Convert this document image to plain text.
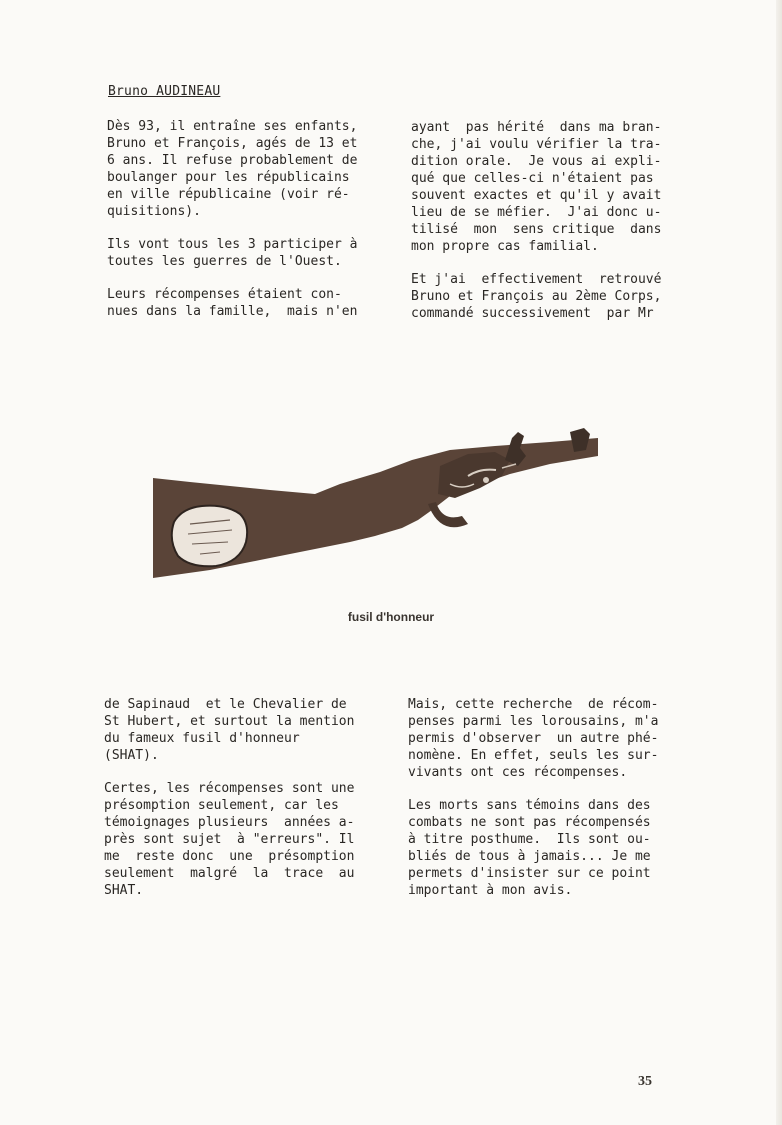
Bruno AUDINEAU

Dès 93, il entraîne ses enfants,
Bruno et François, agés de 13 et
6 ans. Il refuse probablement de
boulanger pour les républicains
en ville républicaine (voir ré-
quisitions).

Ils vont tous les 3 participer à
toutes les guerres de l'Ouest.

Leurs récompenses étaient con-
nues dans la famille,  mais n'en

ayant  pas hérité  dans ma bran-
che, j'ai voulu vérifier la tra-
dition orale.  Je vous ai expli-
qué que celles-ci n'étaient pas
souvent exactes et qu'il y avait
lieu de se méfier.  J'ai donc u-
tilisé  mon  sens critique  dans
mon propre cas familial.

Et j'ai  effectivement  retrouvé
Bruno et François au 2ème Corps,
commandé successivement  par Mr

fusil d'honneur

de Sapinaud  et le Chevalier de
St Hubert, et surtout la mention
du fameux fusil d'honneur
(SHAT).

Certes, les récompenses sont une
présomption seulement, car les
témoignages plusieurs  années a-
près sont sujet  à "erreurs". Il
me  reste donc  une  présomption
seulement  malgré  la  trace  au
SHAT.

Mais, cette recherche  de récom-
penses parmi les lorousains, m'a
permis d'observer  un autre phé-
nomène. En effet, seuls les sur-
vivants ont ces récompenses.

Les morts sans témoins dans des
combats ne sont pas récompensés
à titre posthume.  Ils sont ou-
bliés de tous à jamais... Je me
permets d'insister sur ce point
important à mon avis.

35
